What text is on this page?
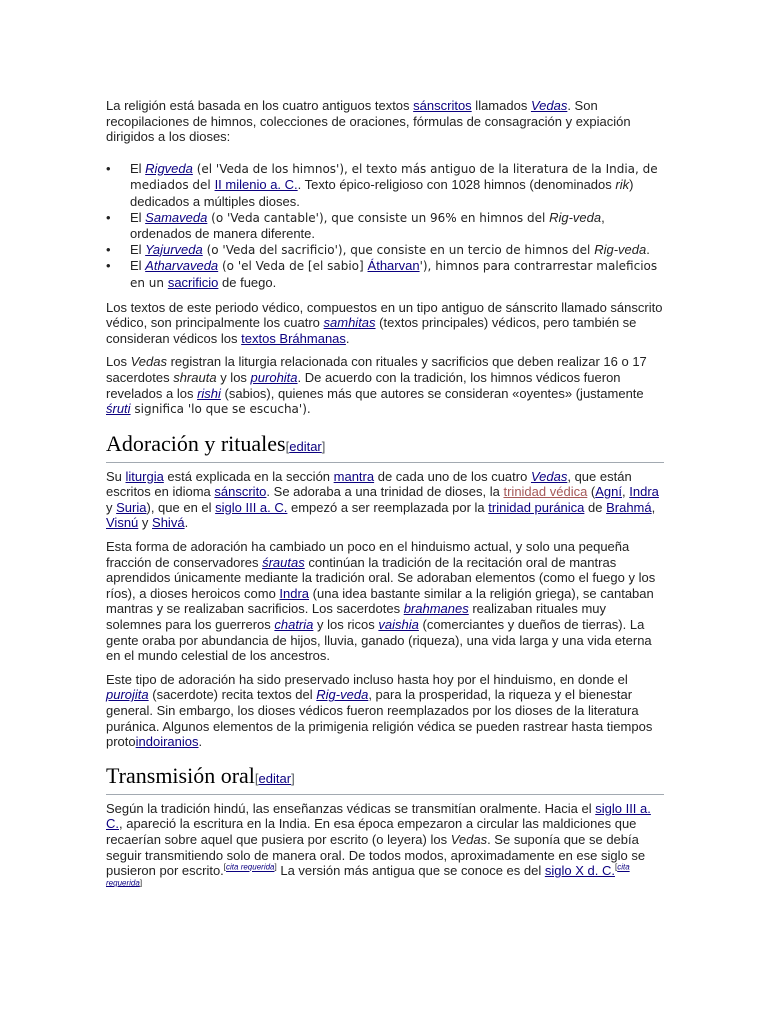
La religión está basada en los cuatro antiguos textos sánscritos llamados Vedas. Son recopilaciones de himnos, colecciones de oraciones, fórmulas de consagración y expiación dirigidos a los dioses:

• El Rigveda (el 'Veda de los himnos'), el texto más antiguo de la literatura de la India, de mediados del II milenio a. C.. Texto épico-religioso con 1028 himnos (denominados rik) dedicados a múltiples dioses.
• El Samaveda (o 'Veda cantable'), que consiste un 96% en himnos del Rig-veda, ordenados de manera diferente.
• El Yajurveda (o 'Veda del sacrificio'), que consiste en un tercio de himnos del Rig-veda.
• El Atharvaveda (o 'el Veda de [el sabio] Átharvan'), himnos para contrarrestar maleficios en un sacrificio de fuego.

Los textos de este periodo védico, compuestos en un tipo antiguo de sánscrito llamado sánscrito védico, son principalmente los cuatro samhitas (textos principales) védicos, pero también se consideran védicos los textos Bráhmanas.

Los Vedas registran la liturgia relacionada con rituales y sacrificios que deben realizar 16 o 17 sacerdotes shrauta y los purohita. De acuerdo con la tradición, los himnos védicos fueron revelados a los rishi (sabios), quienes más que autores se consideran «oyentes» (justamente śruti significa 'lo que se escucha').

Adoración y rituales[editar]

Su liturgia está explicada en la sección mantra de cada uno de los cuatro Vedas, que están escritos en idioma sánscrito. Se adoraba a una trinidad de dioses, la trinidad védica (Agní, Indra y Suria), que en el siglo III a. C. empezó a ser reemplazada por la trinidad puránica de Brahmá, Visnú y Shivá.

Esta forma de adoración ha cambiado un poco en el hinduismo actual, y solo una pequeña fracción de conservadores śrautas continúan la tradición de la recitación oral de mantras aprendidos únicamente mediante la tradición oral. Se adoraban elementos (como el fuego y los ríos), a dioses heroicos como Indra (una idea bastante similar a la religión griega), se cantaban mantras y se realizaban sacrificios. Los sacerdotes brahmanes realizaban rituales muy solemnes para los guerreros chatria y los ricos vaishia (comerciantes y dueños de tierras). La gente oraba por abundancia de hijos, lluvia, ganado (riqueza), una vida larga y una vida eterna en el mundo celestial de los ancestros.

Este tipo de adoración ha sido preservado incluso hasta hoy por el hinduismo, en donde el purojita (sacerdote) recita textos del Rig-veda, para la prosperidad, la riqueza y el bienestar general. Sin embargo, los dioses védicos fueron reemplazados por los dioses de la literatura puránica. Algunos elementos de la primigenia religión védica se pueden rastrear hasta tiempos protoindoiranios.

Transmisión oral[editar]

Según la tradición hindú, las enseñanzas védicas se transmitían oralmente. Hacia el siglo III a. C., apareció la escritura en la India. En esa época empezaron a circular las maldiciones que recaerían sobre aquel que pusiera por escrito (o leyera) los Vedas. Se suponía que se debía seguir transmitiendo solo de manera oral. De todos modos, aproximadamente en ese siglo se pusieron por escrito.[cita requerida] La versión más antigua que se conoce es del siglo X d. C.[cita requerida]
